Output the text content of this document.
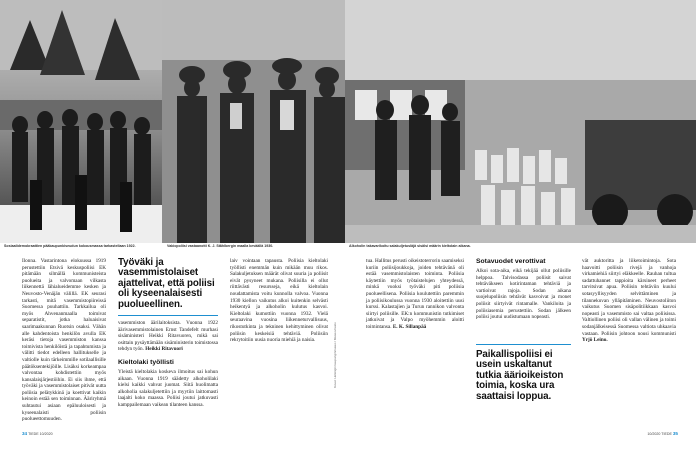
Sosiaalidemokraattien pääkaupunkiseudun kokousmassa tarkastellaan 1922.	Vakiopoliisi vastaanotti K. J. Ståhlbergin maalla keväällä 1930.	Alkoholin takavarikoitu salakuljetusläjä sisälsi määrin kieltolain aikana.
Kuvat: Helsingin kaupunginmuseo / Museovirasto

Ilonna. Vastarintona elokuussa 1919 perustettiin Etsivä keskuspoliisi EK pitämään silmällä kommunisteista puolueita ja valvomaan vilkasta liikennettä lähialueidemme kesken ja Neuvosto-Venäjän välillä. EK seurasi tarkasti, mitä vasemmistopiireissä Suomessa puuhattiin. Tarkkailua oli myös Ahvenanmaalla toimivat separatistit, jotka haluaisivat saarimaakunnan Ruotsin osaksi. Vähän alle kahdentoista henkilön avulla EK keräsi tietoja vasemmiston kanssa toimivista henkilöistä ja tapahtumista ja välitti tiedot edelleen hallitukselle ja valtiolle kuin tärkeimmille sotilaallisille päätöksentekijöille. Lisäksi korkeampaa valvontaa kohdistettiin myös kansalaisjärjestöihin. Ei siis ihme, että työväki ja vasemmistolaiset pitivät uutta poliisia pelätykkinä ja koettivat kaikin keinoin estää sen toiminnan. Ääriryhmä suhtautui asiaan epäluuloisesti ja kyseenalaisti poliisin puolueettomuuden.

Työväki ja vasemmistolaiset ajattelivat, että poliisi oli kyseenalaisesti puolueellinen.

vasemmiston äärilaitoksista. Vuonna 1922 äärivasemmistolainen Ernst Tandefelt murhasi sisäministeri Heikki Ritavuoren, mikä sai osittain pysäyttämään sisäministerin toimistossa tehdyn työn. Heikki Ritavuori

Kieltolaki työllisti

Yleistä kieltolakia koskeva ilmoitus sai kohun aikaan. Vuonna 1919 säädetty alkoholilaki kielsi kaikki vahvat juomat. Siitä huolimatta alkoholia salakuljetettiin ja myytiin laittomasti laajalti koko maassa. Poliisi joutui jatkuvasti kamppailemaan vaikean tilanteen kanssa.

laiv vointaan tapausta. Poliisia kieltolaki työllisti enemmän kuin mikään muu rikos. Salakuljetuksen määrät olivat suuria ja poliisit eivät pysyneet mukana. Poliisilla ei ollut riittävästi resursseja, eikä kieltolain noudattamista voitu kunnolla valvoa. Vuonna 1930 kiellon vaikutus alkoi kuitenkin selvästi heikentyä ja alkoholin kulutus kasvoi. Kieltolaki kumottiin vuonna 1932. Vielä seuraavina vuosina liikenneturvallisuus, rikostutkinta ja tekninen kehittyminen olivat poliisin keskeisiä tehtäviä. Poliisiin rekrytoitiin uusia nuoria miehiä ja naisia.

tua. Hallitus perusti oikeistoterrorin saamiseksi kuriin poliisijoukkoja, joiden tehtävänä oli estää vasemmistolaisten toiminta. Poliisia käytettiin myös työtaistelujen yhteydessä, minkä vuoksi työväki piti poliisia puolueellisena. Poliisia koulutettiin paremmin ja poliisikoulussa vuonna 1930 aloitettiin uusi kurssi. Kalastajien ja Turun rannikon valvonta siirtyi poliisille. EK:n kommunistin tutkimiset jatkuivat ja Valpo myöhemmin aloitti toimintansa. E. K. Sillanpää

Sotavuodet verottivat

Alkoi sota-aika, eikä tekijää ollut poliisille helppoa. Talvisodassa poliisit saivat tehtäväkseen kotirintaman tehtäviä ja vartioivat rajoja. Sodan aikana suojelupoliisin tehtävät kasvoivat ja monet poliisit siirtyivät rintamalle. Vankiloita ja poliisiasemia perustettiin. Sodan jälkeen poliisi joutui uudistumaan nopeasti.

Paikallispoliisi ei usein uskaltanut tutkia äärioikeiston toimia, koska ura saattaisi loppua.

vät auktoritta ja liiketoimintoja. Sota haavoitti poliisin rivejä ja vanhoja virkamiehiä siirtyi eläkkeelle. Rauhan tultua sadattuhannet tappioita kärsineet perheet tarvitsivat apua. Poliisin tehtäviin kuului sotasyyllisyyden selvittäminen ja tilannekuvan ylläpitäminen. Neuvostoliiton vaikutus Suomen sisäpolitiikkaan kasvoi nopeasti ja vasemmisto sai valtaa poliisissa. Valtiollinen poliisi oli vallan välinen ja toimi sodanjälkeisessä Suomessa valtiota uhkaavia vastaan. Poliisin johtoon nousi kommunisti Yrjö Leino.

34 TIEDE 10/2020	10/2020 TIEDE 35
